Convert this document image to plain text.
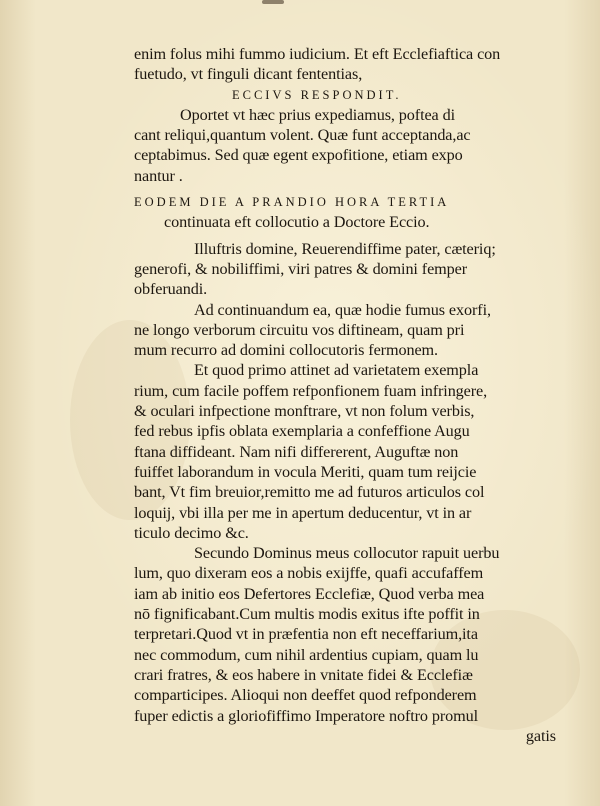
enim folus mihi fummo iudicium. Et eft Ecclefiaftica con
fuetudo, vt finguli dicant fententias,
ECCIVS RESPONDIT.
Oportet vt hæc prius expediamus, poftea di
cant reliqui,quantum volent. Quæ funt acceptanda,ac
ceptabimus. Sed quæ egent expofitione, etiam expo
nantur .
EODEM DIE A PRANDIO HORA TERTIA
continuata eft collocutio a Doctore Eccio.
Illuftris domine, Reuerendiffime pater, cæteriq;
generofi, & nobiliffimi, viri patres & domini femper
obferuandi.
Ad continuandum ea, quæ hodie fumus exorfi,
ne longo verborum circuitu vos diftineam, quam pri
mum recurro ad domini collocutoris fermonem.
Et quod primo attinet ad varietatem exempla
rium, cum facile poffem refponfionem fuam infringere,
& oculari infpectione monftrare, vt non folum verbis,
fed rebus ipfis oblata exemplaria a confeffione Augu
ftana diffideant. Nam nifi differerent, Auguftæ non
fuiffet laborandum in vocula Meriti, quam tum reijcie
bant, Vt fim breuior,remitto me ad futuros articulos col
loquij, vbi illa per me in apertum deducentur, vt in ar
ticulo decimo &c.
Secundo Dominus meus collocutor rapuit uerbu
lum, quo dixeram eos a nobis exijffe, quafi accufaffem
iam ab initio eos Defertores Ecclefiæ, Quod verba mea
nō fignificabant.Cum multis modis exitus ifte poffit in
terpretari.Quod vt in præfentia non eft neceffarium,ita
nec commodum, cum nihil ardentius cupiam, quam lu
crari fratres, & eos habere in vnitate fidei & Ecclefiæ
comparticipes. Alioqui non deeffet quod refponderem
fuper edictis a gloriofiffimo Imperatore noftro promul
gatis
